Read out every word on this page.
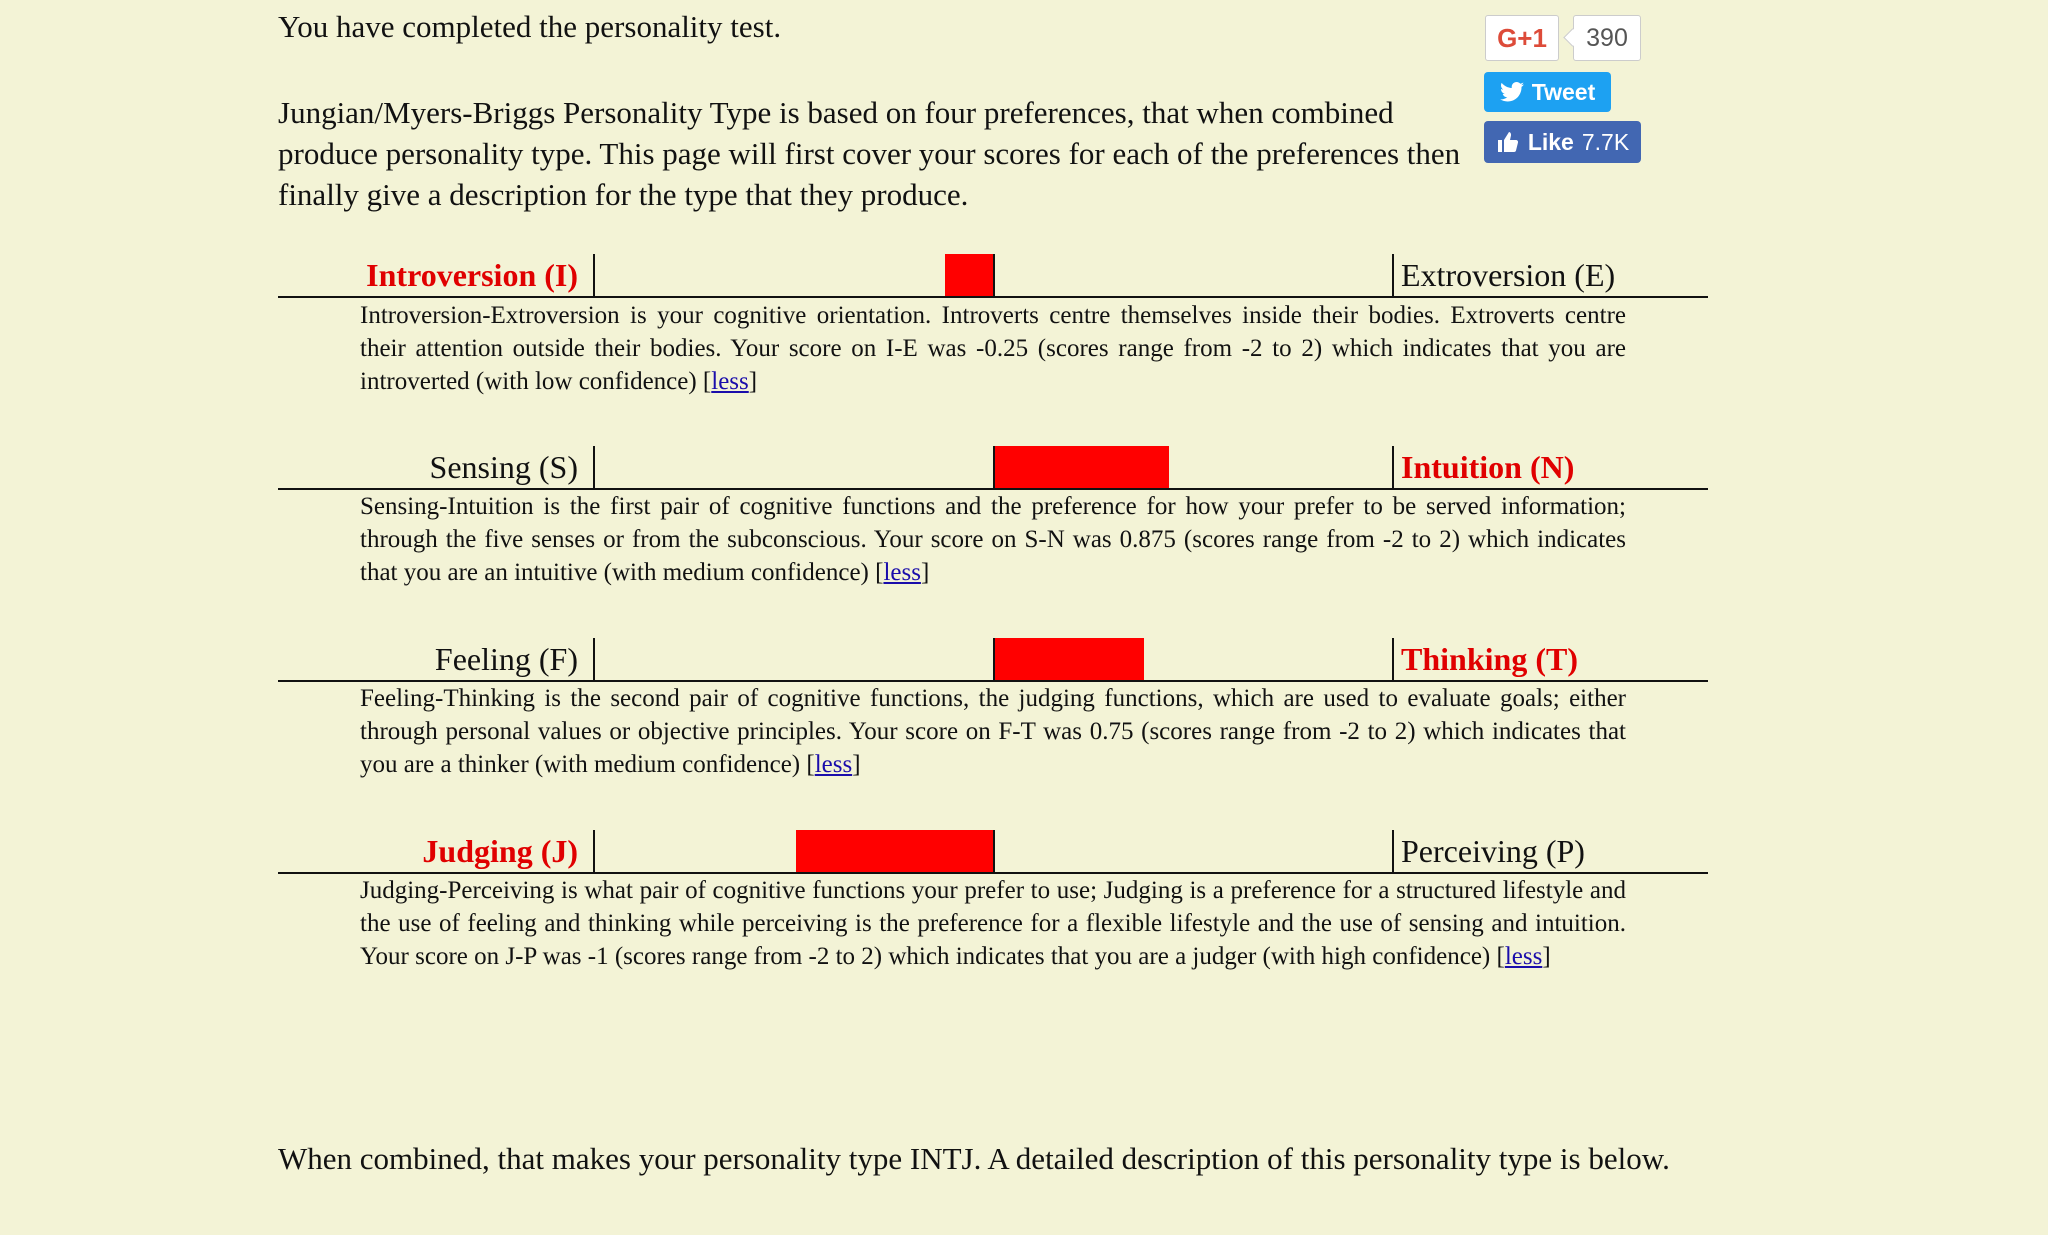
You have completed the personality test.

Jungian/Myers-Briggs Personality Type is based on four preferences, that when combined produce personality type. This page will first cover your scores for each of the preferences then finally give a description for the type that they produce.

G+1	390
Tweet
Like 7.7K
Introversion (I)	Extroversion (E)

Introversion-Extroversion is your cognitive orientation. Introverts centre themselves inside their bodies. Extroverts centre their attention outside their bodies. Your score on I-E was -0.25 (scores range from -2 to 2) which indicates that you are introverted (with low confidence) [less]

Sensing (S)	Intuition (N)

Sensing-Intuition is the first pair of cognitive functions and the preference for how your prefer to be served information; through the five senses or from the subconscious. Your score on S-N was 0.875 (scores range from -2 to 2) which indicates that you are an intuitive (with medium confidence) [less]

Feeling (F)	Thinking (T)

Feeling-Thinking is the second pair of cognitive functions, the judging functions, which are used to evaluate goals; either through personal values or objective principles. Your score on F-T was 0.75 (scores range from -2 to 2) which indicates that you are a thinker (with medium confidence) [less]

Judging (J)	Perceiving (P)

Judging-Perceiving is what pair of cognitive functions your prefer to use; Judging is a preference for a structured lifestyle and the use of feeling and thinking while perceiving is the preference for a flexible lifestyle and the use of sensing and intuition. Your score on J-P was -1 (scores range from -2 to 2) which indicates that you are a judger (with high confidence) [less]

When combined, that makes your personality type INTJ. A detailed description of this personality type is below.
